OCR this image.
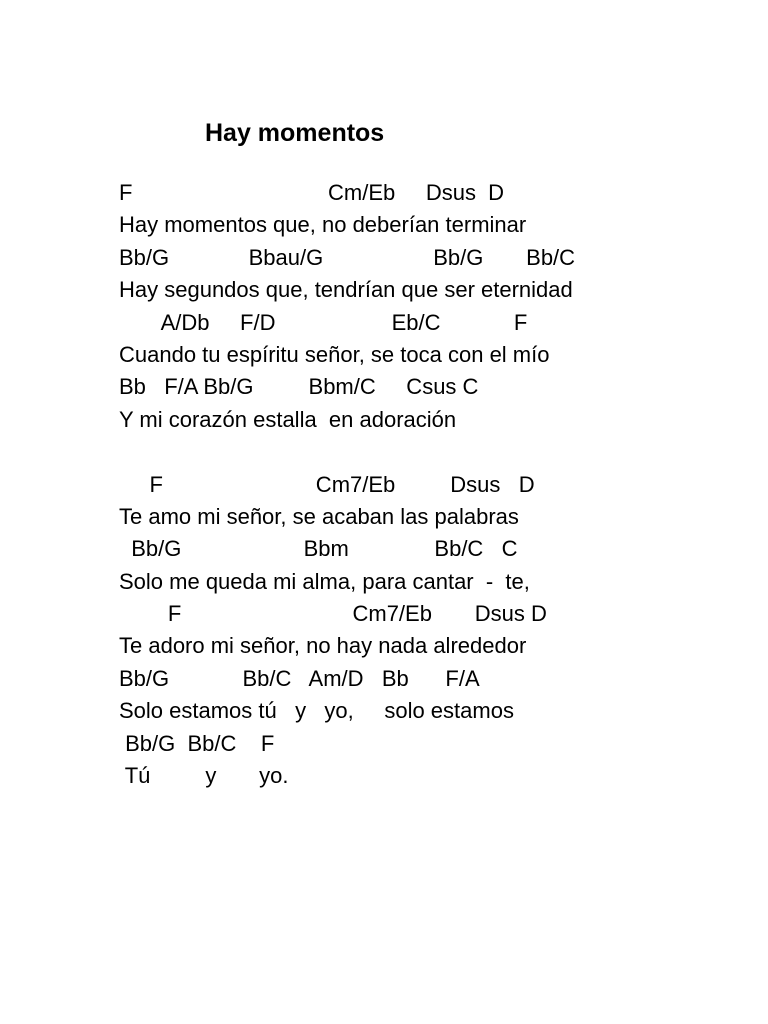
Hay momentos
F                                Cm/Eb     Dsus  D
Hay momentos que, no deberían terminar
Bb/G             Bbau/G                  Bb/G       Bb/C
Hay segundos que, tendrían que ser eternidad
A/Db     F/D                   Eb/C            F
Cuando tu espíritu señor, se toca con el mío
Bb   F/A Bb/G         Bbm/C     Csus C
Y mi corazón estalla  en adoración
F                         Cm7/Eb         Dsus   D
Te amo mi señor, se acaban las palabras
Bb/G                    Bbm              Bb/C   C
Solo me queda mi alma, para cantar  -  te,
F                            Cm7/Eb       Dsus D
Te adoro mi señor, no hay nada alrededor
Bb/G            Bb/C   Am/D   Bb      F/A
Solo estamos tú   y   yo,     solo estamos
Bb/G  Bb/C    F
Tú         y       yo.
